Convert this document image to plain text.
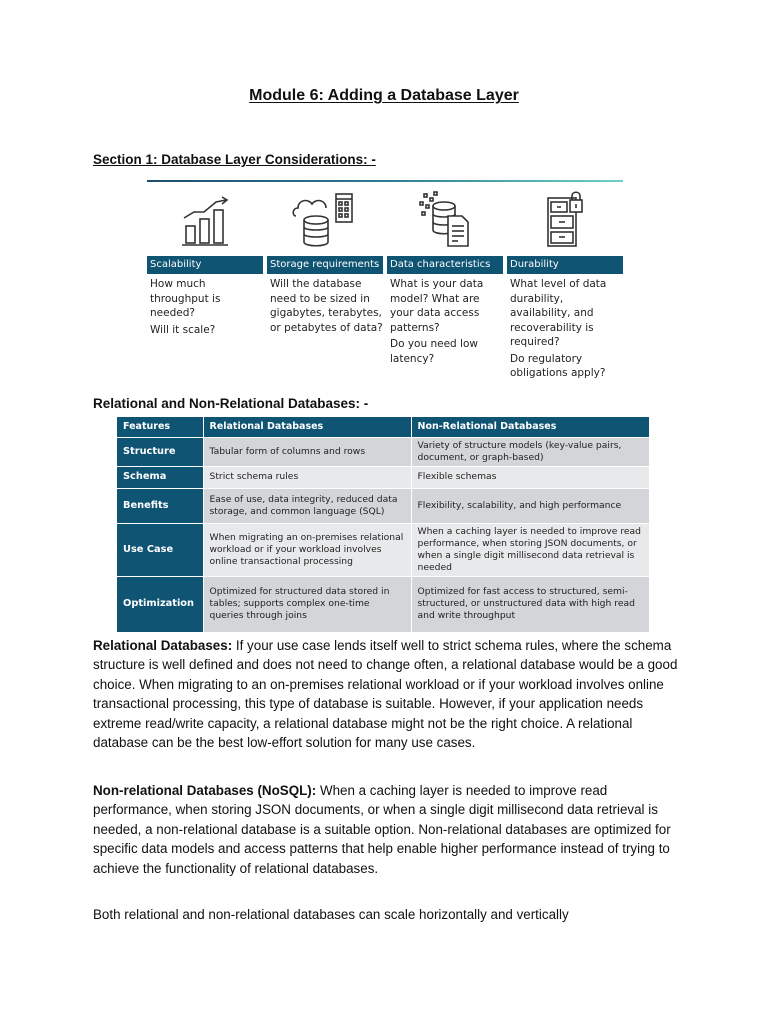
Module 6: Adding a Database Layer
Section 1: Database Layer Considerations: -
Scalability

How much throughput is needed?

Will it scale?

Storage requirements

Will the database need to be sized in gigabytes, terabytes, or petabytes of data?

Data characteristics

What is your data model? What are your data access patterns?

Do you need low latency?

Durability

What level of data durability, availability, and recoverability is required?

Do regulatory obligations apply?

Relational and Non-Relational Databases: -
Features	Relational Databases	Non-Relational Databases
Structure	Tabular form of columns and rows	Variety of structure models (key-value pairs, document, or graph-based)
Schema	Strict schema rules	Flexible schemas
Benefits	Ease of use, data integrity, reduced data storage, and common language (SQL)	Flexibility, scalability, and high performance
Use Case	When migrating an on-premises relational workload or if your workload involves online transactional processing	When a caching layer is needed to improve read performance, when storing JSON documents, or when a single digit millisecond data retrieval is needed
Optimization	Optimized for structured data stored in tables; supports complex one-time queries through joins	Optimized for fast access to structured, semi-structured, or unstructured data with high read and write throughput
Relational Databases: If your use case lends itself well to strict schema rules, where the schema structure is well defined and does not need to change often, a relational database would be a good choice. When migrating to an on-premises relational workload or if your workload involves online transactional processing, this type of database is suitable. However, if your application needs extreme read/write capacity, a relational database might not be the right choice. A relational database can be the best low-effort solution for many use cases.
Non-relational Databases (NoSQL): When a caching layer is needed to improve read performance, when storing JSON documents, or when a single digit millisecond data retrieval is needed, a non-relational database is a suitable option. Non-relational databases are optimized for specific data models and access patterns that help enable higher performance instead of trying to achieve the functionality of relational databases.
Both relational and non-relational databases can scale horizontally and vertically
